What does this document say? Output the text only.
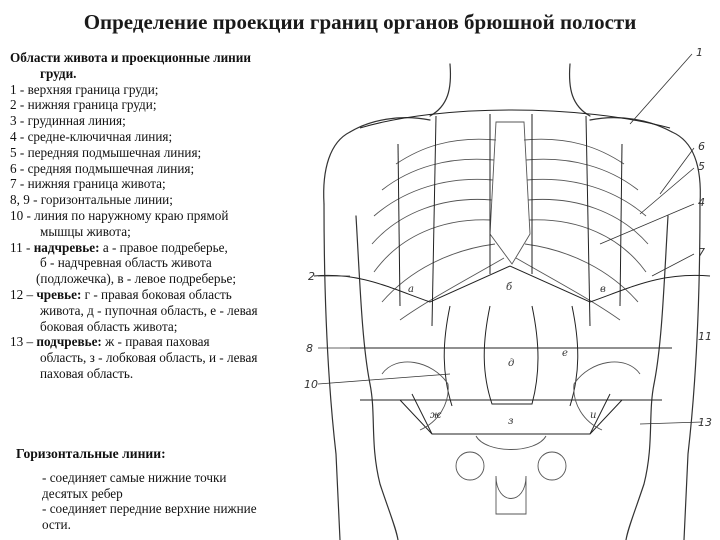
Определение проекции границ органов брюшной полости
Области живота и проекционные линии
груди.
1 - верхняя граница груди;
2 - нижняя граница груди;
3 - грудинная линия;
4 - средне-ключичная линия;
5 - передняя подмышечная линия;
6 - средняя подмышечная линия;
7 - нижняя граница живота;
8, 9 - горизонтальные линии;
10 - линия по наружному краю прямой
мышцы живота;
11 - надчревье: а - правое подреберье,
б - надчревная область живота
(подложечка), в - левое подреберье;
12 – чревье: г - правая боковая область
живота, д - пупочная область, е - левая
боковая область живота;
13 – подчревье: ж - правая паховая
область, з - лобковая область, и - левая
паховая область.
Горизонтальные линии:
- соединяет самые нижние точки
десятых ребер
- соединяет передние верхние нижние
ости.
1
2
6
5
4
7
8
10
11
13
а	б	в
д
е
ж
з
и
